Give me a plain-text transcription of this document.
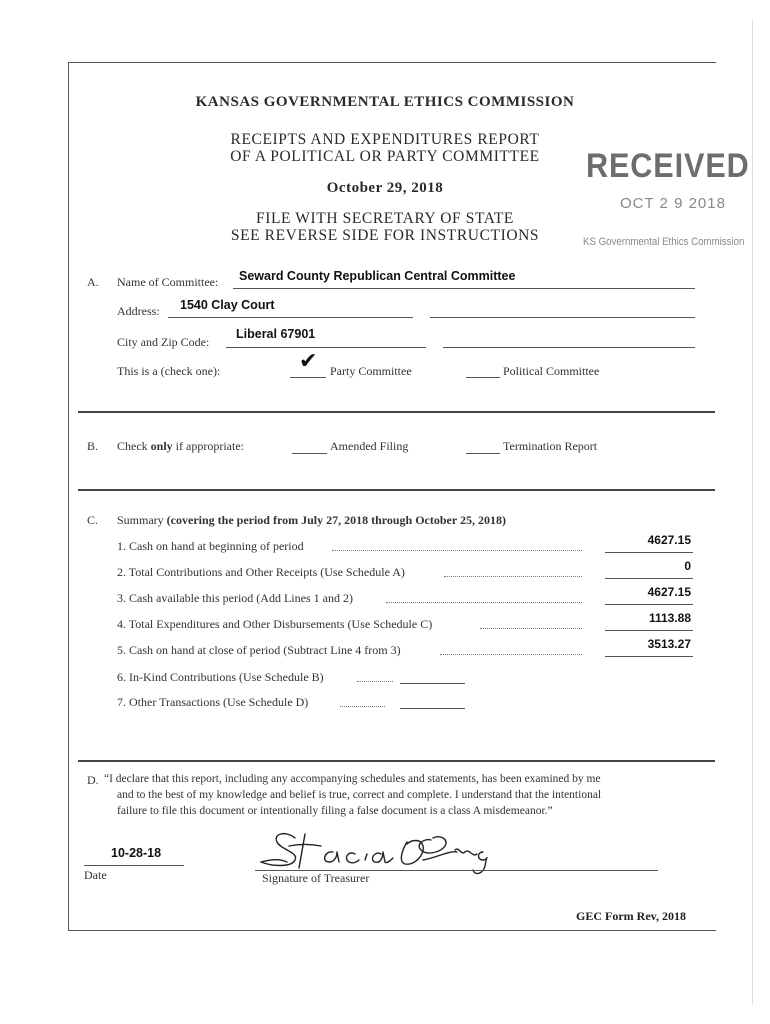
KANSAS GOVERNMENTAL ETHICS COMMISSION
RECEIPTS AND EXPENDITURES REPORT
OF A POLITICAL OR PARTY COMMITTEE
October 29, 2018
FILE WITH SECRETARY OF STATE
SEE REVERSE SIDE FOR INSTRUCTIONS
RECEIVED
OCT 2 9 2018
KS Governmental Ethics Commission
A. Name of Committee: Seward County Republican Central Committee
Address: 1540 Clay Court
City and Zip Code:
Liberal 67901
This is a (check one):	✔ Party Committee	Political Committee
B. Check only if appropriate:	Amended Filing	Termination Report
C. Summary (covering the period from July 27, 2018 through October 25, 2018)
1. Cash on hand at beginning of period	4627.15
2. Total Contributions and Other Receipts (Use Schedule A)	0
3. Cash available this period (Add Lines 1 and 2)	4627.15
4. Total Expenditures and Other Disbursements (Use Schedule C)	1113.88
5. Cash on hand at close of period (Subtract Line 4 from 3)	3513.27
6. In-Kind Contributions (Use Schedule B)
7. Other Transactions (Use Schedule D)
D. “I declare that this report, including any accompanying schedules and statements, has been examined by me
and to the best of my knowledge and belief is true, correct and complete. I understand that the intentional
failure to file this document or intentionally filing a false document is a class A misdemeanor.”
10-28-18
Date	Signature of Treasurer
GEC Form Rev, 2018
